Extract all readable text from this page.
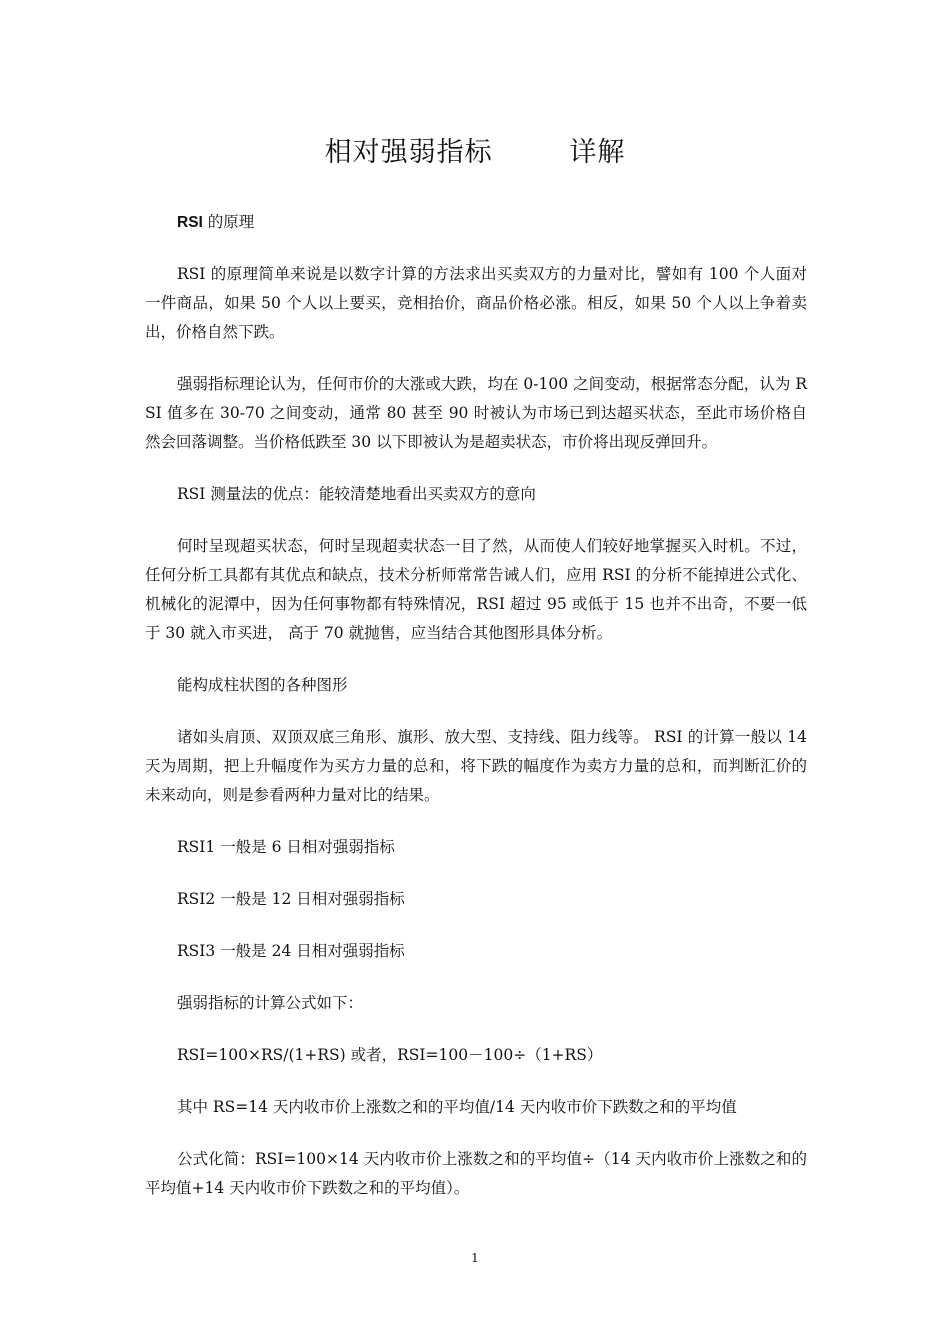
相对强弱指标        详解

RSI 的原理

RSI 的原理简单来说是以数字计算的方法求出买卖双方的力量对比，譬如有 100 个人面对一件商品，如果 50 个人以上要买，竞相抬价，商品价格必涨。相反，如果 50 个人以上争着卖出，价格自然下跌。

强弱指标理论认为，任何市价的大涨或大跌，均在 0-100 之间变动，根据常态分配，认为 RSI 值多在 30-70 之间变动，通常 80 甚至 90 时被认为市场已到达超买状态，至此市场价格自然会回落调整。当价格低跌至 30 以下即被认为是超卖状态，市价将出现反弹回升。

RSI 测量法的优点：能较清楚地看出买卖双方的意向

何时呈现超买状态，何时呈现超卖状态一目了然，从而使人们较好地掌握买入时机。不过，任何分析工具都有其优点和缺点，技术分析师常常告诫人们，应用 RSI 的分析不能掉进公式化、机械化的泥潭中，因为任何事物都有特殊情况，RSI 超过 95 或低于 15 也并不出奇，不要一低于 30 就入市买进， 高于 70 就抛售，应当结合其他图形具体分析。

能构成柱状图的各种图形

诸如头肩顶、双顶双底三角形、旗形、放大型、支持线、阻力线等。 RSI 的计算一般以 14 天为周期，把上升幅度作为买方力量的总和，将下跌的幅度作为卖方力量的总和，而判断汇价的未来动向，则是参看两种力量对比的结果。

RSI1 一般是 6 日相对强弱指标

RSI2 一般是 12 日相对强弱指标

RSI3 一般是 24 日相对强弱指标

强弱指标的计算公式如下：

RSI=100×RS/(1+RS) 或者，RSI=100－100÷（1+RS）

其中 RS=14 天内收市价上涨数之和的平均值/14 天内收市价下跌数之和的平均值

公式化简：RSI=100×14 天内收市价上涨数之和的平均值÷（14 天内收市价上涨数之和的平均值+14 天内收市价下跌数之和的平均值）。

1
